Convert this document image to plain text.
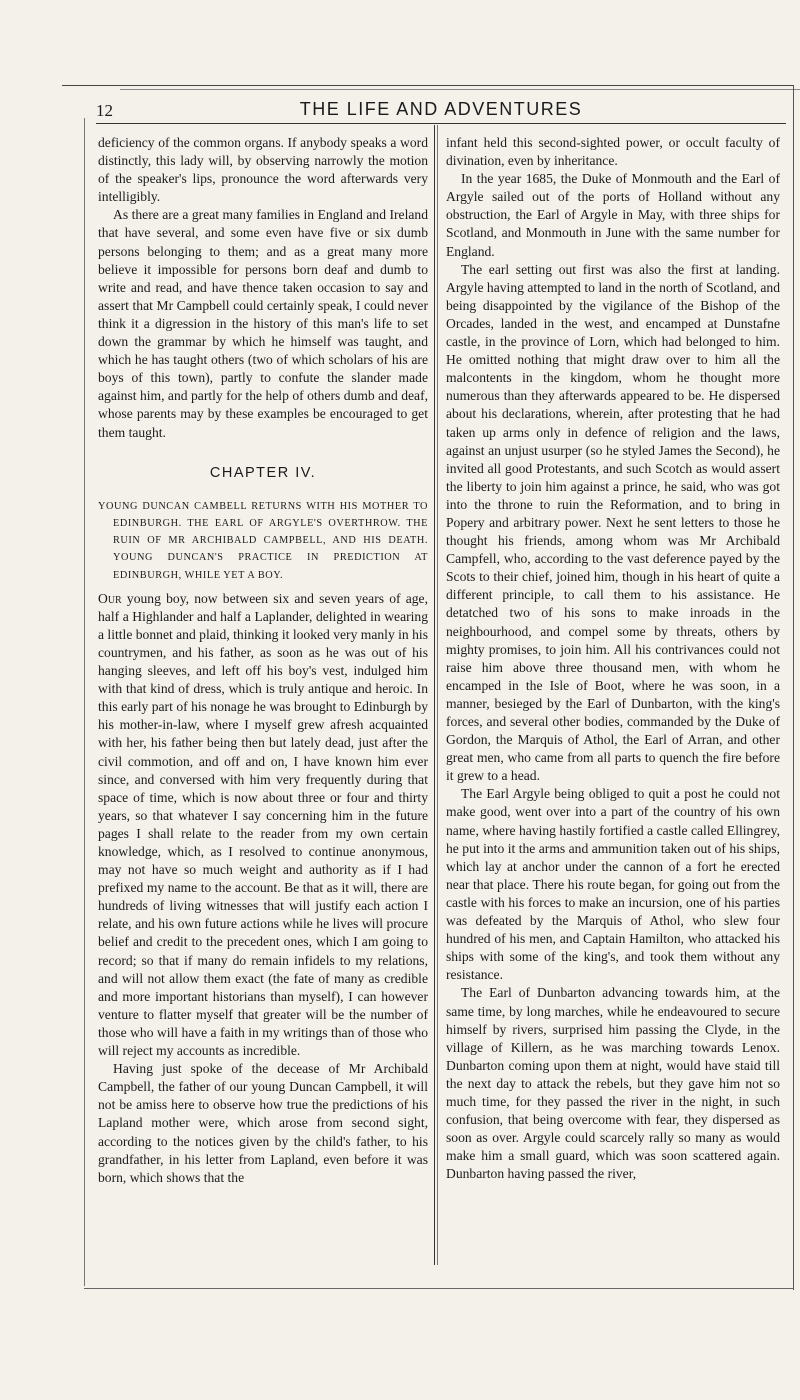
12	THE LIFE AND ADVENTURES

deficiency of the common organs. If anybody speaks a word distinctly, this lady will, by observing narrowly the motion of the speaker's lips, pronounce the word afterwards very intelligibly.

As there are a great many families in England and Ireland that have several, and some even have five or six dumb persons belonging to them; and as a great many more believe it impossible for persons born deaf and dumb to write and read, and have thence taken occasion to say and assert that Mr Campbell could certainly speak, I could never think it a digression in the history of this man's life to set down the grammar by which he himself was taught, and which he has taught others (two of which scholars of his are boys of this town), partly to confute the slander made against him, and partly for the help of others dumb and deaf, whose parents may by these examples be encouraged to get them taught.

CHAPTER IV.
YOUNG DUNCAN CAMBELL RETURNS WITH HIS MOTHER TO EDINBURGH. THE EARL OF ARGYLE'S OVERTHROW. THE RUIN OF MR ARCHIBALD CAMPBELL, AND HIS DEATH. YOUNG DUNCAN'S PRACTICE IN PREDICTION AT EDINBURGH, WHILE YET A BOY.

Our young boy, now between six and seven years of age, half a Highlander and half a Laplander, delighted in wearing a little bonnet and plaid, thinking it looked very manly in his countrymen, and his father, as soon as he was out of his hanging sleeves, and left off his boy's vest, indulged him with that kind of dress, which is truly antique and heroic. In this early part of his nonage he was brought to Edinburgh by his mother-in-law, where I myself grew afresh acquainted with her, his father being then but lately dead, just after the civil commotion, and off and on, I have known him ever since, and conversed with him very frequently during that space of time, which is now about three or four and thirty years, so that whatever I say concerning him in the future pages I shall relate to the reader from my own certain knowledge, which, as I resolved to continue anonymous, may not have so much weight and authority as if I had prefixed my name to the account. Be that as it will, there are hundreds of living witnesses that will justify each action I relate, and his own future actions while he lives will procure belief and credit to the precedent ones, which I am going to record; so that if many do remain infidels to my relations, and will not allow them exact (the fate of many as credible and more important historians than myself), I can however venture to flatter myself that greater will be the number of those who will have a faith in my writings than of those who will reject my accounts as incredible.

Having just spoke of the decease of Mr Archibald Campbell, the father of our young Duncan Campbell, it will not be amiss here to observe how true the predictions of his Lapland mother were, which arose from second sight, according to the notices given by the child's father, to his grandfather, in his letter from Lapland, even before it was born, which shows that the

infant held this second-sighted power, or occult faculty of divination, even by inheritance.

In the year 1685, the Duke of Monmouth and the Earl of Argyle sailed out of the ports of Holland without any obstruction, the Earl of Argyle in May, with three ships for Scotland, and Monmouth in June with the same number for England.

The earl setting out first was also the first at landing. Argyle having attempted to land in the north of Scotland, and being disappointed by the vigilance of the Bishop of the Orcades, landed in the west, and encamped at Dunstafne castle, in the province of Lorn, which had belonged to him. He omitted nothing that might draw over to him all the malcontents in the kingdom, whom he thought more numerous than they afterwards appeared to be. He dispersed about his declarations, wherein, after protesting that he had taken up arms only in defence of religion and the laws, against an unjust usurper (so he styled James the Second), he invited all good Protestants, and such Scotch as would assert the liberty to join him against a prince, he said, who was got into the throne to ruin the Reformation, and to bring in Popery and arbitrary power. Next he sent letters to those he thought his friends, among whom was Mr Archibald Campfell, who, according to the vast deference payed by the Scots to their chief, joined him, though in his heart of quite a different principle, to call them to his assistance. He detatched two of his sons to make inroads in the neighbourhood, and compel some by threats, others by mighty promises, to join him. All his contrivances could not raise him above three thousand men, with whom he encamped in the Isle of Boot, where he was soon, in a manner, besieged by the Earl of Dunbarton, with the king's forces, and several other bodies, commanded by the Duke of Gordon, the Marquis of Athol, the Earl of Arran, and other great men, who came from all parts to quench the fire before it grew to a head.

The Earl Argyle being obliged to quit a post he could not make good, went over into a part of the country of his own name, where having hastily fortified a castle called Ellingrey, he put into it the arms and ammunition taken out of his ships, which lay at anchor under the cannon of a fort he erected near that place. There his route began, for going out from the castle with his forces to make an incursion, one of his parties was defeated by the Marquis of Athol, who slew four hundred of his men, and Captain Hamilton, who attacked his ships with some of the king's, and took them without any resistance.

The Earl of Dunbarton advancing towards him, at the same time, by long marches, while he endeavoured to secure himself by rivers, surprised him passing the Clyde, in the village of Killern, as he was marching towards Lenox. Dunbarton coming upon them at night, would have staid till the next day to attack the rebels, but they gave him not so much time, for they passed the river in the night, in such confusion, that being overcome with fear, they dispersed as soon as over. Argyle could scarcely rally so many as would make him a small guard, which was soon scattered again. Dunbarton having passed the river,
